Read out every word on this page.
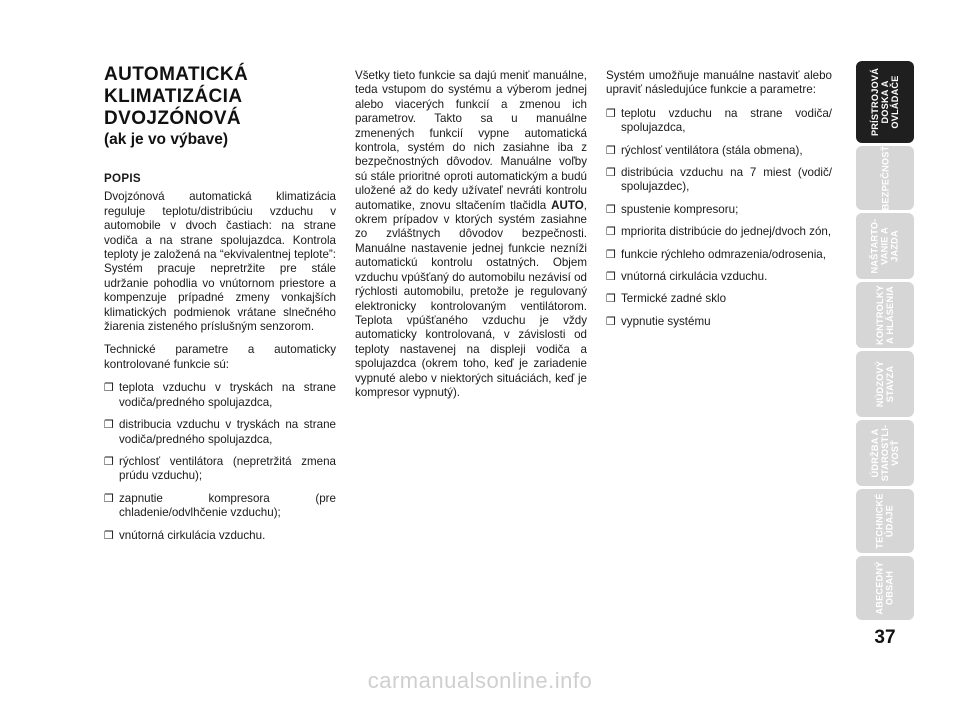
AUTOMATICKÁ
KLIMATIZÁCIA
DVOJZÓNOVÁ
(ak je vo výbave)
POPIS

Dvojzónová automatická klimatizácia reguluje teplotu/distribúciu vzduchu v automobile v dvoch častiach: na strane vodiča a na strane spolujazdca. Kontrola teploty je založená na “ekvivalentnej teplote”: Systém pracuje nepretržite pre stále udržanie pohodlia vo vnútornom priestore a kompenzuje prípadné zmeny vonkajších klimatických podmienok vrátane slnečného žiarenia zisteného príslušným senzorom.

Technické parametre a automaticky kontrolované funkcie sú:

❒ teplota vzduchu v tryskách na strane vodiča/predného spolujazdca,
❒ distribucia vzduchu v tryskách na strane vodiča/predného spolujazdca,
❒ rýchlosť ventilátora (nepretržitá zmena prúdu vzduchu);
❒ zapnutie kompresora (pre chladenie/odvlhčenie vzduchu);
❒ vnútorná cirkulácia vzduchu.

Všetky tieto funkcie sa dajú meniť manuálne, teda vstupom do systému a výberom jednej alebo viacerých funkcií a zmenou ich parametrov. Takto sa u manuálne zmenených funkcií vypne automatická kontrola, systém do nich zasiahne iba z bezpečnostných dôvodov. Manuálne voľby sú stále prioritné oproti automatickým a budú uložené až do kedy užívateľ nevráti kontrolu automatike, znovu sltačením tlačidla AUTO, okrem prípadov v ktorých systém zasiahne zo zvláštnych dôvodov bezpečnosti. Manuálne nastavenie jednej funkcie nezníži automatickú kontrolu ostatných. Objem vzduchu vpúšťaný do automobilu nezávisí od rýchlosti automobilu, pretože je regulovaný elektronicky kontrolovaným ventilátorom. Teplota vpúšťaného vzduchu je vždy automaticky kontrolovaná, v závislosti od teploty nastavenej na displeji vodiča a spolujazdca (okrem toho, keď je zariadenie vypnuté alebo v niektorých situáciách, keď je kompresor vypnutý).

Systém umožňuje manuálne nastaviť alebo upraviť následujúce funkcie a parametre:

❒ teplotu vzduchu na strane vodiča/ spolujazdca,
❒ rýchlosť ventilátora (stála obmena),
❒ distribúcia vzduchu na 7 miest (vodič/ spolujazdec),
❒ spustenie kompresoru;
❒ mpriorita distribúcie do jednej/dvoch zón,
❒ funkcie rýchleho odmrazenia/odrosenia,
❒ vnútorná cirkulácia vzduchu.
❒ Termické zadné sklo
❒ vypnutie systému
PRÍSTROJOVÁ
DOSKA A
OVLÁDAČE
BEZPEČNOSŤ
NAŠTARTO-
VANIE A
JAZDA
KONTROLKY
A HLÁSENIA
NÚDZOVÝ
STAVZA
ÚDRŽBA A
STAROSTLI-
VOSŤ
TECHNICKÉ
ÚDAJE
ABECEDNÝ
OBSAH
37
carmanualsonline.info
